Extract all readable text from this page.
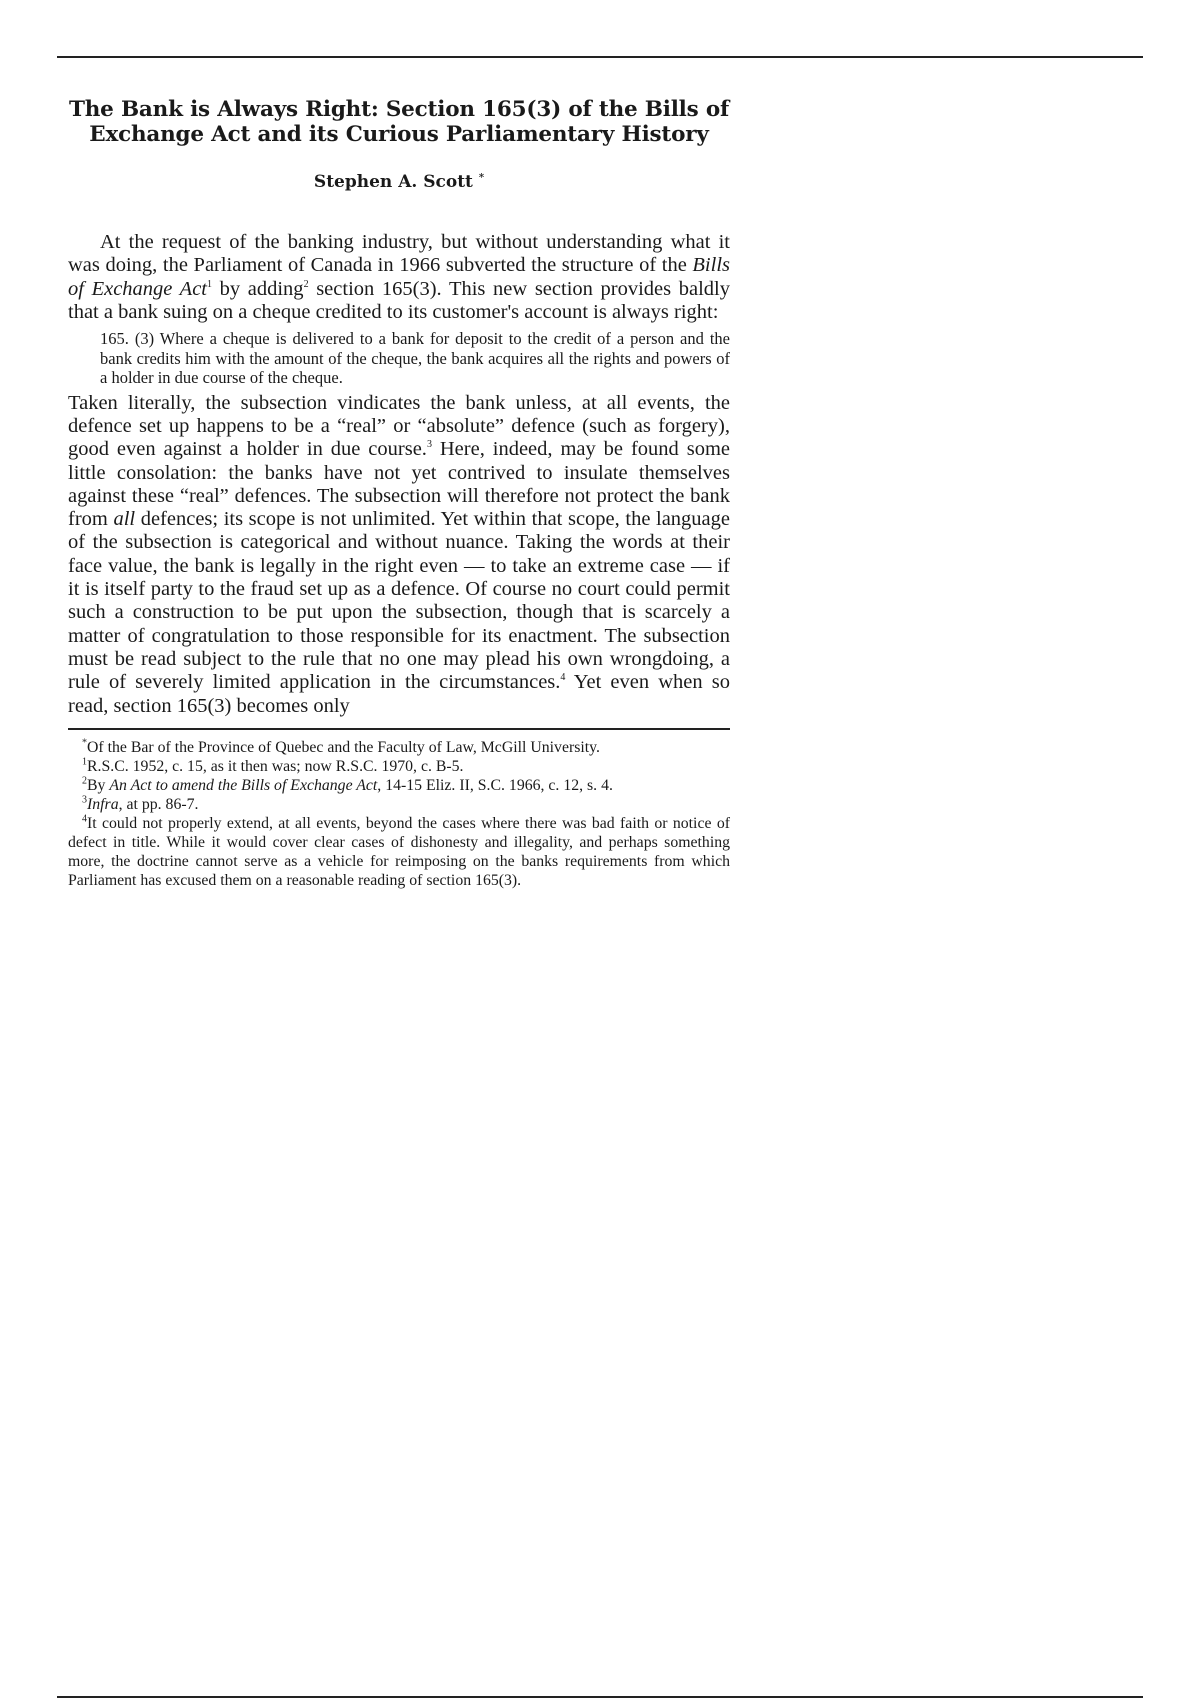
The Bank is Always Right: Section 165(3) of the Bills of Exchange Act and its Curious Parliamentary History
Stephen A. Scott *

At the request of the banking industry, but without understanding what it was doing, the Parliament of Canada in 1966 subverted the structure of the Bills of Exchange Act$^1$ by adding$^2$ section 165(3). This new section provides baldly that a bank suing on a cheque credited to its customer's account is always right:

165. (3) Where a cheque is delivered to a bank for deposit to the credit of a person and the bank credits him with the amount of the cheque, the bank acquires all the rights and powers of a holder in due course of the cheque.

Taken literally, the subsection vindicates the bank unless, at all events, the defence set up happens to be a “real” or “absolute” defence (such as forgery), good even against a holder in due course.$^3$ Here, indeed, may be found some little consolation: the banks have not yet contrived to insulate themselves against these “real” defences. The subsection will therefore not protect the bank from all defences; its scope is not unlimited. Yet within that scope, the language of the subsection is categorical and without nuance. Taking the words at their face value, the bank is legally in the right even — to take an extreme case — if it is itself party to the fraud set up as a defence. Of course no court could permit such a construction to be put upon the subsection, though that is scarcely a matter of congratulation to those responsible for its enactment. The subsection must be read subject to the rule that no one may plead his own wrongdoing, a rule of severely limited application in the circumstances.$^4$ Yet even when so read, section 165(3) becomes only

*Of the Bar of the Province of Quebec and the Faculty of Law, McGill University.

$^1$R.S.C. 1952, c. 15, as it then was; now R.S.C. 1970, c. B-5.

$^2$By An Act to amend the Bills of Exchange Act, 14-15 Eliz. II, S.C. 1966, c. 12, s. 4.

$^3$Infra, at pp. 86-7.

$^4$It could not properly extend, at all events, beyond the cases where there was bad faith or notice of defect in title. While it would cover clear cases of dishonesty and illegality, and perhaps something more, the doctrine cannot serve as a vehicle for reimposing on the banks requirements from which Parliament has excused them on a reasonable reading of section 165(3).
